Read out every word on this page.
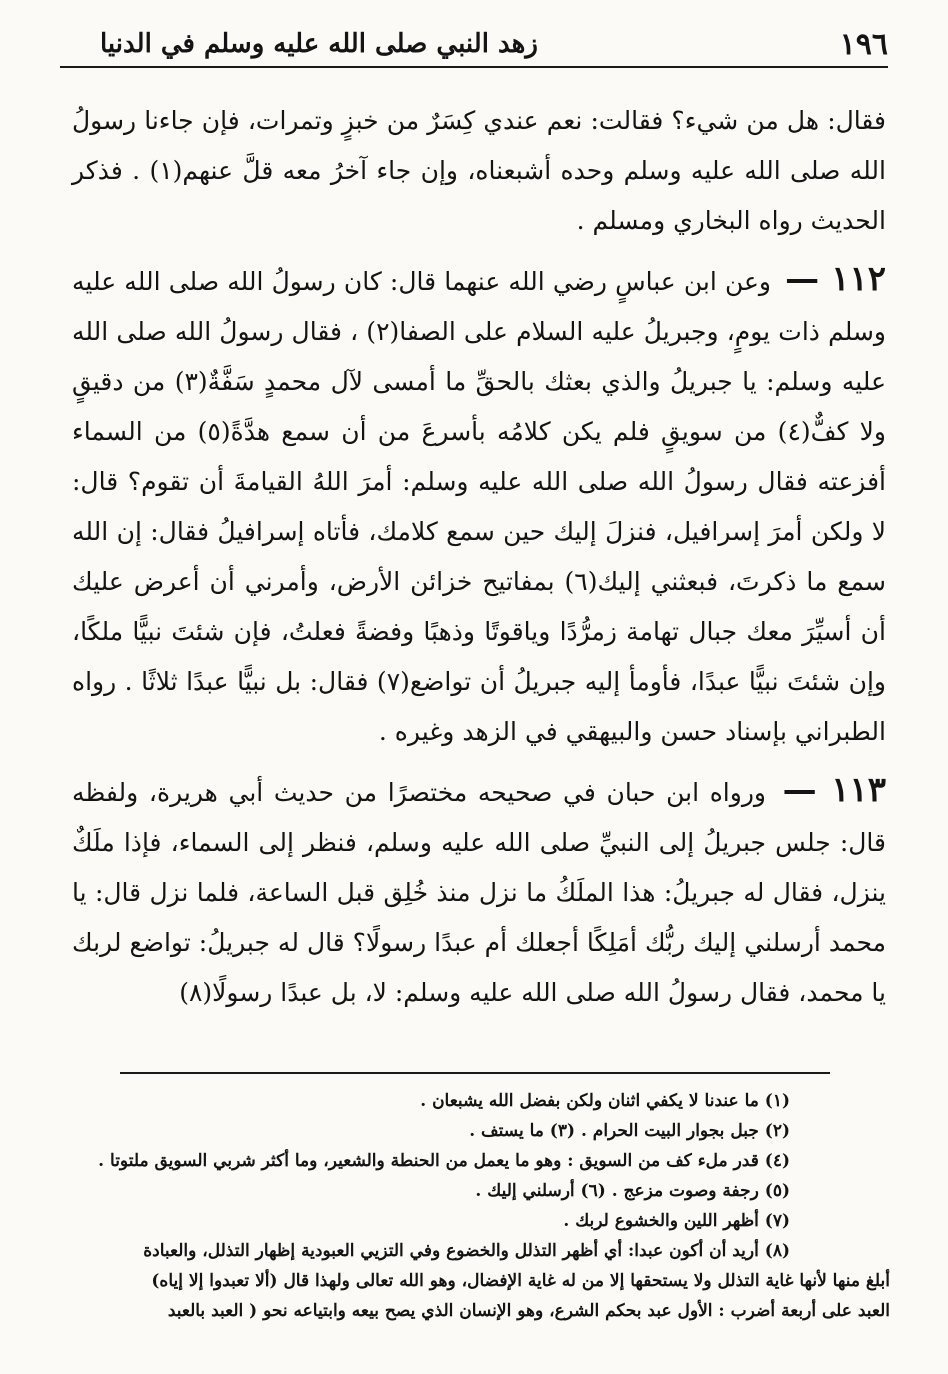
١٩٦
زهد النبي صلى الله عليه وسلم في الدنيا

فقال: هل من شيء؟ فقالت: نعم عندي كِسَرٌ من خبزٍ وتمرات، فإن جاءنا رسولُ الله صلى الله عليه وسلم وحده أشبعناه، وإن جاء آخرُ معه قلَّ عنهم(١) . فذكر الحديث رواه البخاري ومسلم .

١١٢ — وعن ابن عباسٍ رضي الله عنهما قال: كان رسولُ الله صلى الله عليه وسلم ذات يومٍ، وجبريلُ عليه السلام على الصفا(٢) ، فقال رسولُ الله صلى الله عليه وسلم: يا جبريلُ والذي بعثك بالحقِّ ما أمسى لآل محمدٍ سَفَّةٌ(٣) من دقيقٍ ولا كفٌّ(٤) من سويقٍ فلم يكن كلامُه بأسرعَ من أن سمع هدَّةً(٥) من السماء أفزعته فقال رسولُ الله صلى الله عليه وسلم: أمرَ اللهُ القيامةَ أن تقوم؟ قال: لا ولكن أمرَ إسرافيل، فنزلَ إليك حين سمع كلامك، فأتاه إسرافيلُ فقال: إن الله سمع ما ذكرتَ، فبعثني إليك(٦) بمفاتيح خزائن الأرض، وأمرني أن أعرض عليك أن أسيِّرَ معك جبال تهامة زمرُّدًا وياقوتًا وذهبًا وفضةً فعلتُ، فإن شئتَ نبيًّا ملكًا، وإن شئتَ نبيًّا عبدًا، فأومأ إليه جبريلُ أن تواضع(٧) فقال: بل نبيًّا عبدًا ثلاثًا . رواه الطبراني بإسناد حسن والبيهقي في الزهد وغيره .

١١٣ — ورواه ابن حبان في صحيحه مختصرًا من حديث أبي هريرة، ولفظه قال: جلس جبريلُ إلى النبيِّ صلى الله عليه وسلم، فنظر إلى السماء، فإذا ملَكٌ ينزل، فقال له جبريلُ: هذا الملَكُ ما نزل منذ خُلِق قبل الساعة، فلما نزل قال: يا محمد أرسلني إليك ربُّك أمَلِكًا أجعلك أم عبدًا رسولًا؟ قال له جبريلُ: تواضع لربك يا محمد، فقال رسولُ الله صلى الله عليه وسلم: لا، بل عبدًا رسولًا(٨)

(١) ما عندنا لا يكفي اثنان ولكن بفضل الله يشبعان .

(٢) جبل بجوار البيت الحرام . (٣) ما يستف .

(٤) قدر ملء كف من السويق : وهو ما يعمل من الحنطة والشعير، وما أكثر شربي السويق ملتوتا .

(٥) رجفة وصوت مزعج . (٦) أرسلني إليك .

(٧) أظهر اللين والخشوع لربك .

(٨) أريد أن أكون عبدا: أي أظهر التذلل والخضوع وفي التزيي العبودية إظهار التذلل، والعبادة

أبلغ منها لأنها غاية التذلل ولا يستحقها إلا من له غاية الإفضال، وهو الله تعالى ولهذا قال (ألا تعبدوا إلا إياه)

العبد على أربعة أضرب : الأول عبد بحكم الشرع، وهو الإنسان الذي يصح بيعه وابتياعه نحو ( العبد بالعبد
